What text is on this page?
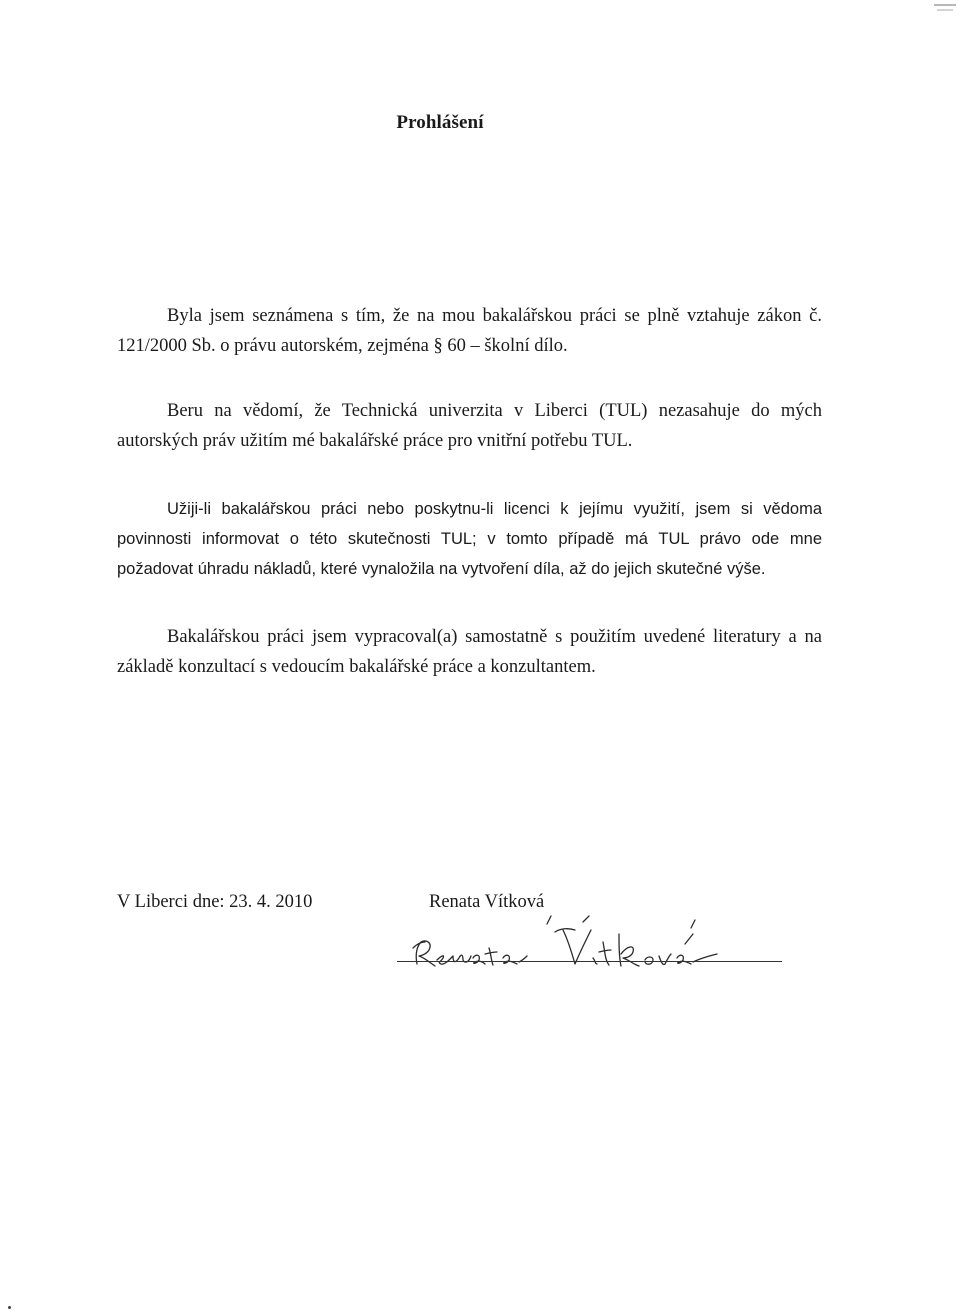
Prohlášení
Byla jsem seznámena s tím, že na mou bakalářskou práci se plně vztahuje zákon č.
121/2000 Sb. o právu autorském, zejména § 60 – školní dílo.
Beru na vědomí, že Technická univerzita v Liberci (TUL) nezasahuje do mých
autorských práv užitím mé bakalářské práce pro vnitřní potřebu TUL.
Užiji-li bakalářskou práci nebo poskytnu-li licenci k jejímu využití, jsem si vědoma
povinnosti informovat o této skutečnosti TUL; v tomto případě má TUL právo ode mne
požadovat úhradu nákladů, které vynaložila na vytvoření díla, až do jejich skutečné výše.
Bakalářskou práci jsem vypracoval(a) samostatně s použitím uvedené literatury a na
základě konzultací s vedoucím bakalářské práce a konzultantem.
V Liberci dne: 23. 4. 2010	Renata Vítková
